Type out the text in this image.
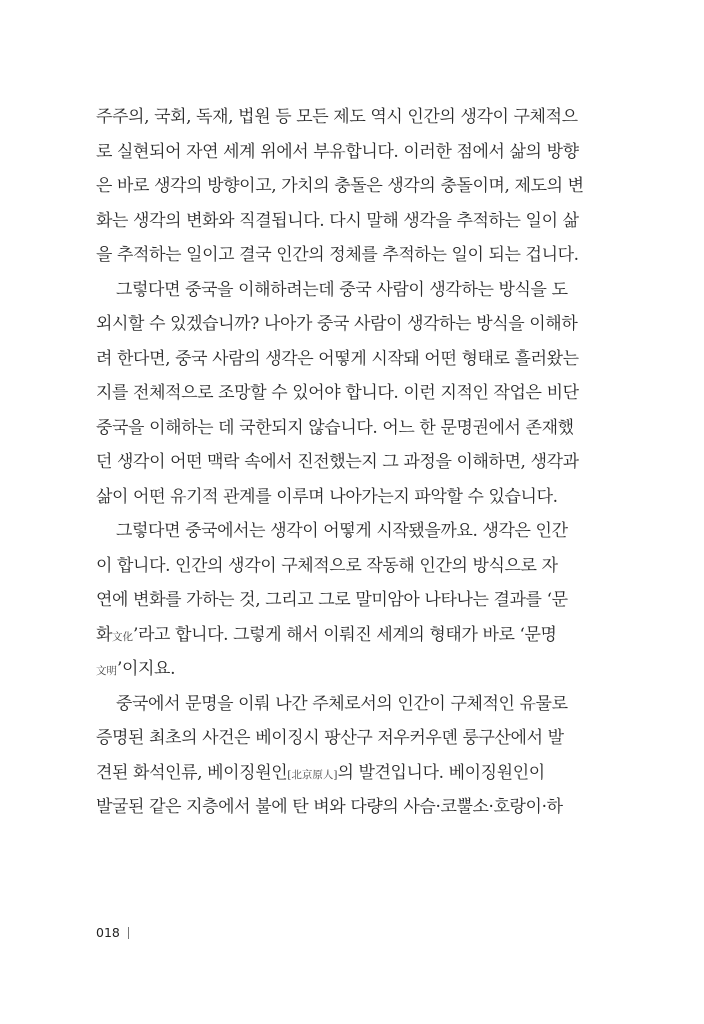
주주의, 국회, 독재, 법원 등 모든 제도 역시 인간의 생각이 구체적으
로 실현되어 자연 세계 위에서 부유합니다. 이러한 점에서 삶의 방향
은 바로 생각의 방향이고, 가치의 충돌은 생각의 충돌이며, 제도의 변
화는 생각의 변화와 직결됩니다. 다시 말해 생각을 추적하는 일이 삶
을 추적하는 일이고 결국 인간의 정체를 추적하는 일이 되는 겁니다.
그렇다면 중국을 이해하려는데 중국 사람이 생각하는 방식을 도
외시할 수 있겠습니까? 나아가 중국 사람이 생각하는 방식을 이해하
려 한다면, 중국 사람의 생각은 어떻게 시작돼 어떤 형태로 흘러왔는
지를 전체적으로 조망할 수 있어야 합니다. 이런 지적인 작업은 비단
중국을 이해하는 데 국한되지 않습니다. 어느 한 문명권에서 존재했
던 생각이 어떤 맥락 속에서 진전했는지 그 과정을 이해하면, 생각과
삶이 어떤 유기적 관계를 이루며 나아가는지 파악할 수 있습니다.
그렇다면 중국에서는 생각이 어떻게 시작됐을까요. 생각은 인간
이 합니다. 인간의 생각이 구체적으로 작동해 인간의 방식으로 자
연에 변화를 가하는 것, 그리고 그로 말미암아 나타나는 결과를 ‘문
화文化’라고 합니다. 그렇게 해서 이뤄진 세계의 형태가 바로 ‘문명
文明’이지요.
중국에서 문명을 이뤄 나간 주체로서의 인간이 구체적인 유물로
증명된 최초의 사건은 베이징시 팡산구 저우커우뎬 룽구산에서 발
견된 화석인류, 베이징원인[北京原人]의 발견입니다. 베이징원인이
발굴된 같은 지층에서 불에 탄 벼와 다량의 사슴·코뿔소·호랑이·하
018
